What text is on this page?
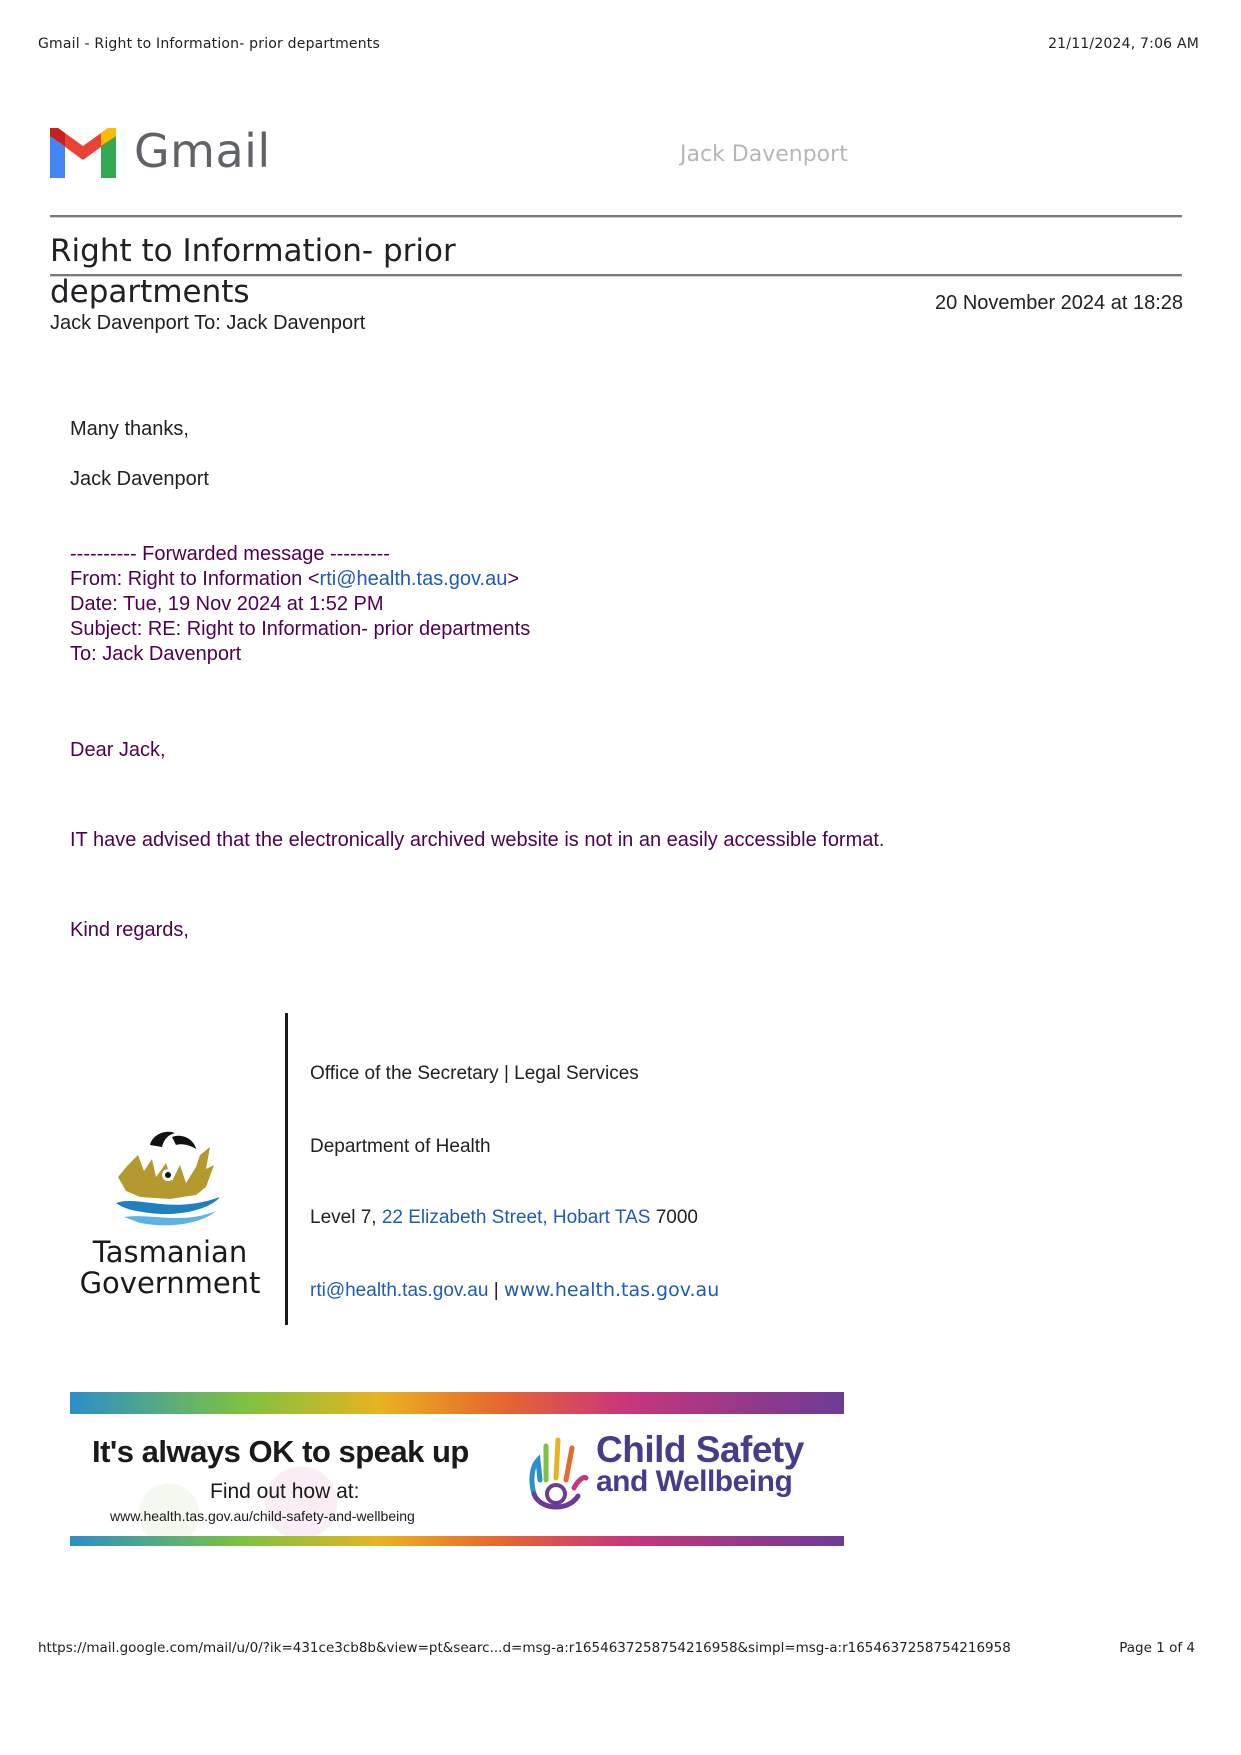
Gmail - Right to Information- prior departments	21/11/2024, 7:06 AM
Gmail	Jack Davenport
Right to Information- prior
departments	20 November 2024 at 18:28
Jack Davenport To: Jack Davenport
Many thanks,
Jack Davenport
---------- Forwarded message ---------
From: Right to Information <rti@health.tas.gov.au>
Date: Tue, 19 Nov 2024 at 1:52 PM
Subject: RE: Right to Information- prior departments
To: Jack Davenport
Dear Jack,
IT have advised that the electronically archived website is not in an easily accessible format.
Kind regards,
Tasmanian
Government
Office of the Secretary | Legal Services
Department of Health
Level 7, 22 Elizabeth Street, Hobart TAS 7000
rti@health.tas.gov.au | www.health.tas.gov.au
It's always OK to speak up
Find out how at:
www.health.tas.gov.au/child-safety-and-wellbeing
Child Safety
and Wellbeing
https://mail.google.com/mail/u/0/?ik=431ce3cb8b&view=pt&searc...d=msg-a:r1654637258754216958&simpl=msg-a:r1654637258754216958	Page 1 of 4
